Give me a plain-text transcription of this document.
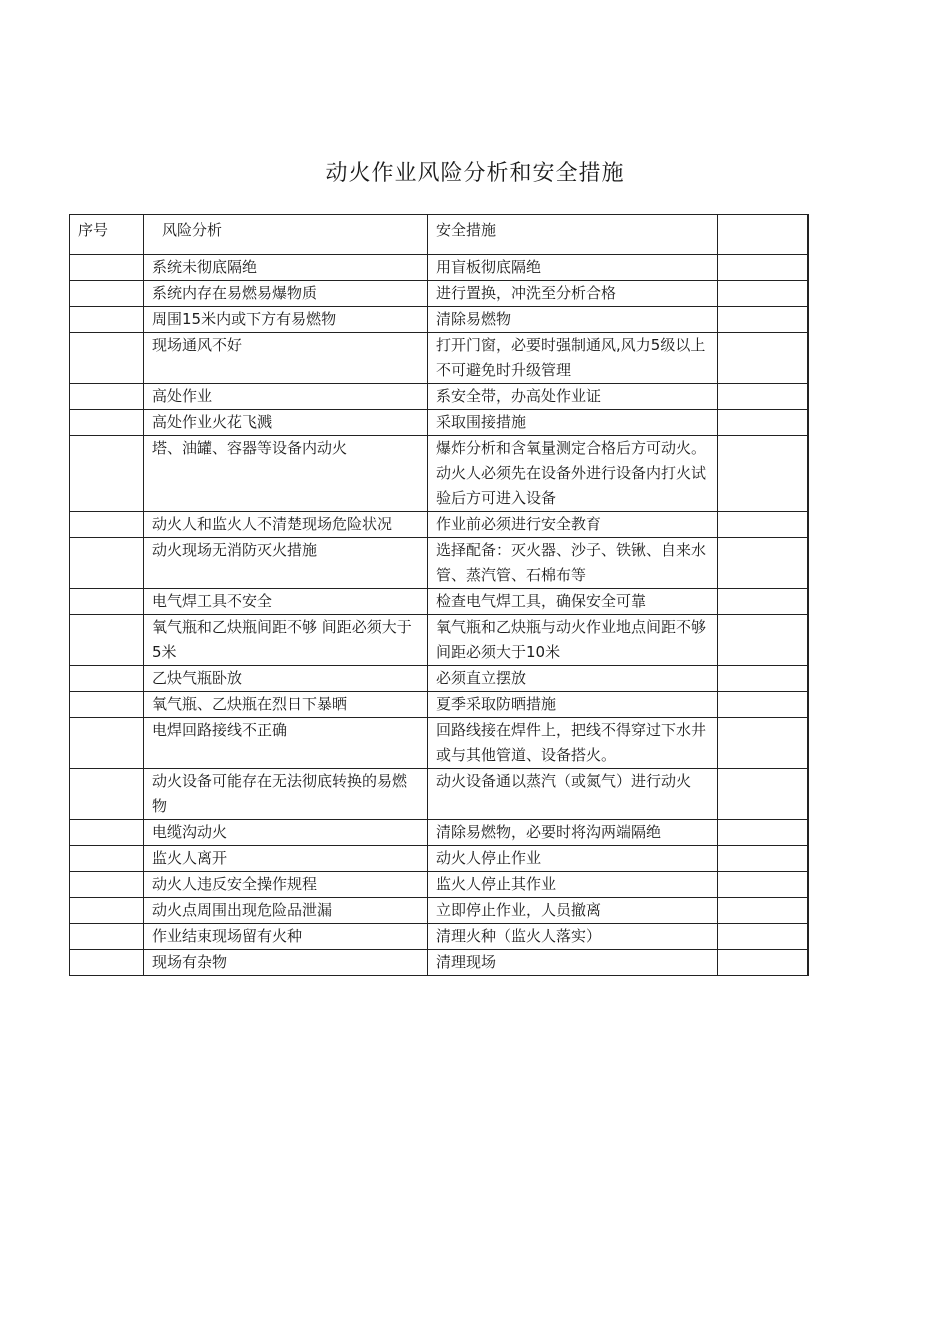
动火作业风险分析和安全措施
序号	风险分析	安全措施	
	系统未彻底隔绝	用盲板彻底隔绝	
	系统内存在易燃易爆物质	进行置换，冲洗至分析合格	
	周围15米内或下方有易燃物	清除易燃物	
	现场通风不好	打开门窗，必要时强制通风,风力5级以上不可避免时升级管理	
	高处作业	系安全带，办高处作业证	
	高处作业火花飞溅	采取围接措施	
	塔、油罐、容器等设备内动火	爆炸分析和含氧量测定合格后方可动火。动火人必须先在设备外进行设备内打火试验后方可进入设备	
	动火人和监火人不清楚现场危险状况	作业前必须进行安全教育	
	动火现场无消防灭火措施	选择配备：灭火器、沙子、铁锹、自来水管、蒸汽管、石棉布等	
	电气焊工具不安全	检查电气焊工具，确保安全可靠	
	氧气瓶和乙炔瓶间距不够 间距必须大于5米	氧气瓶和乙炔瓶与动火作业地点间距不够 间距必须大于10米	
	乙炔气瓶卧放	必须直立摆放	
	氧气瓶、乙炔瓶在烈日下暴晒	夏季采取防晒措施	
	电焊回路接线不正确	回路线接在焊件上，把线不得穿过下水井或与其他管道、设备搭火。	
	动火设备可能存在无法彻底转换的易燃物	动火设备通以蒸汽（或氮气）进行动火	
	电缆沟动火	清除易燃物，必要时将沟两端隔绝	
	监火人离开	动火人停止作业	
	动火人违反安全操作规程	监火人停止其作业	
	动火点周围出现危险品泄漏	立即停止作业，人员撤离	
	作业结束现场留有火种	清理火种（监火人落实）	
	现场有杂物	清理现场	
